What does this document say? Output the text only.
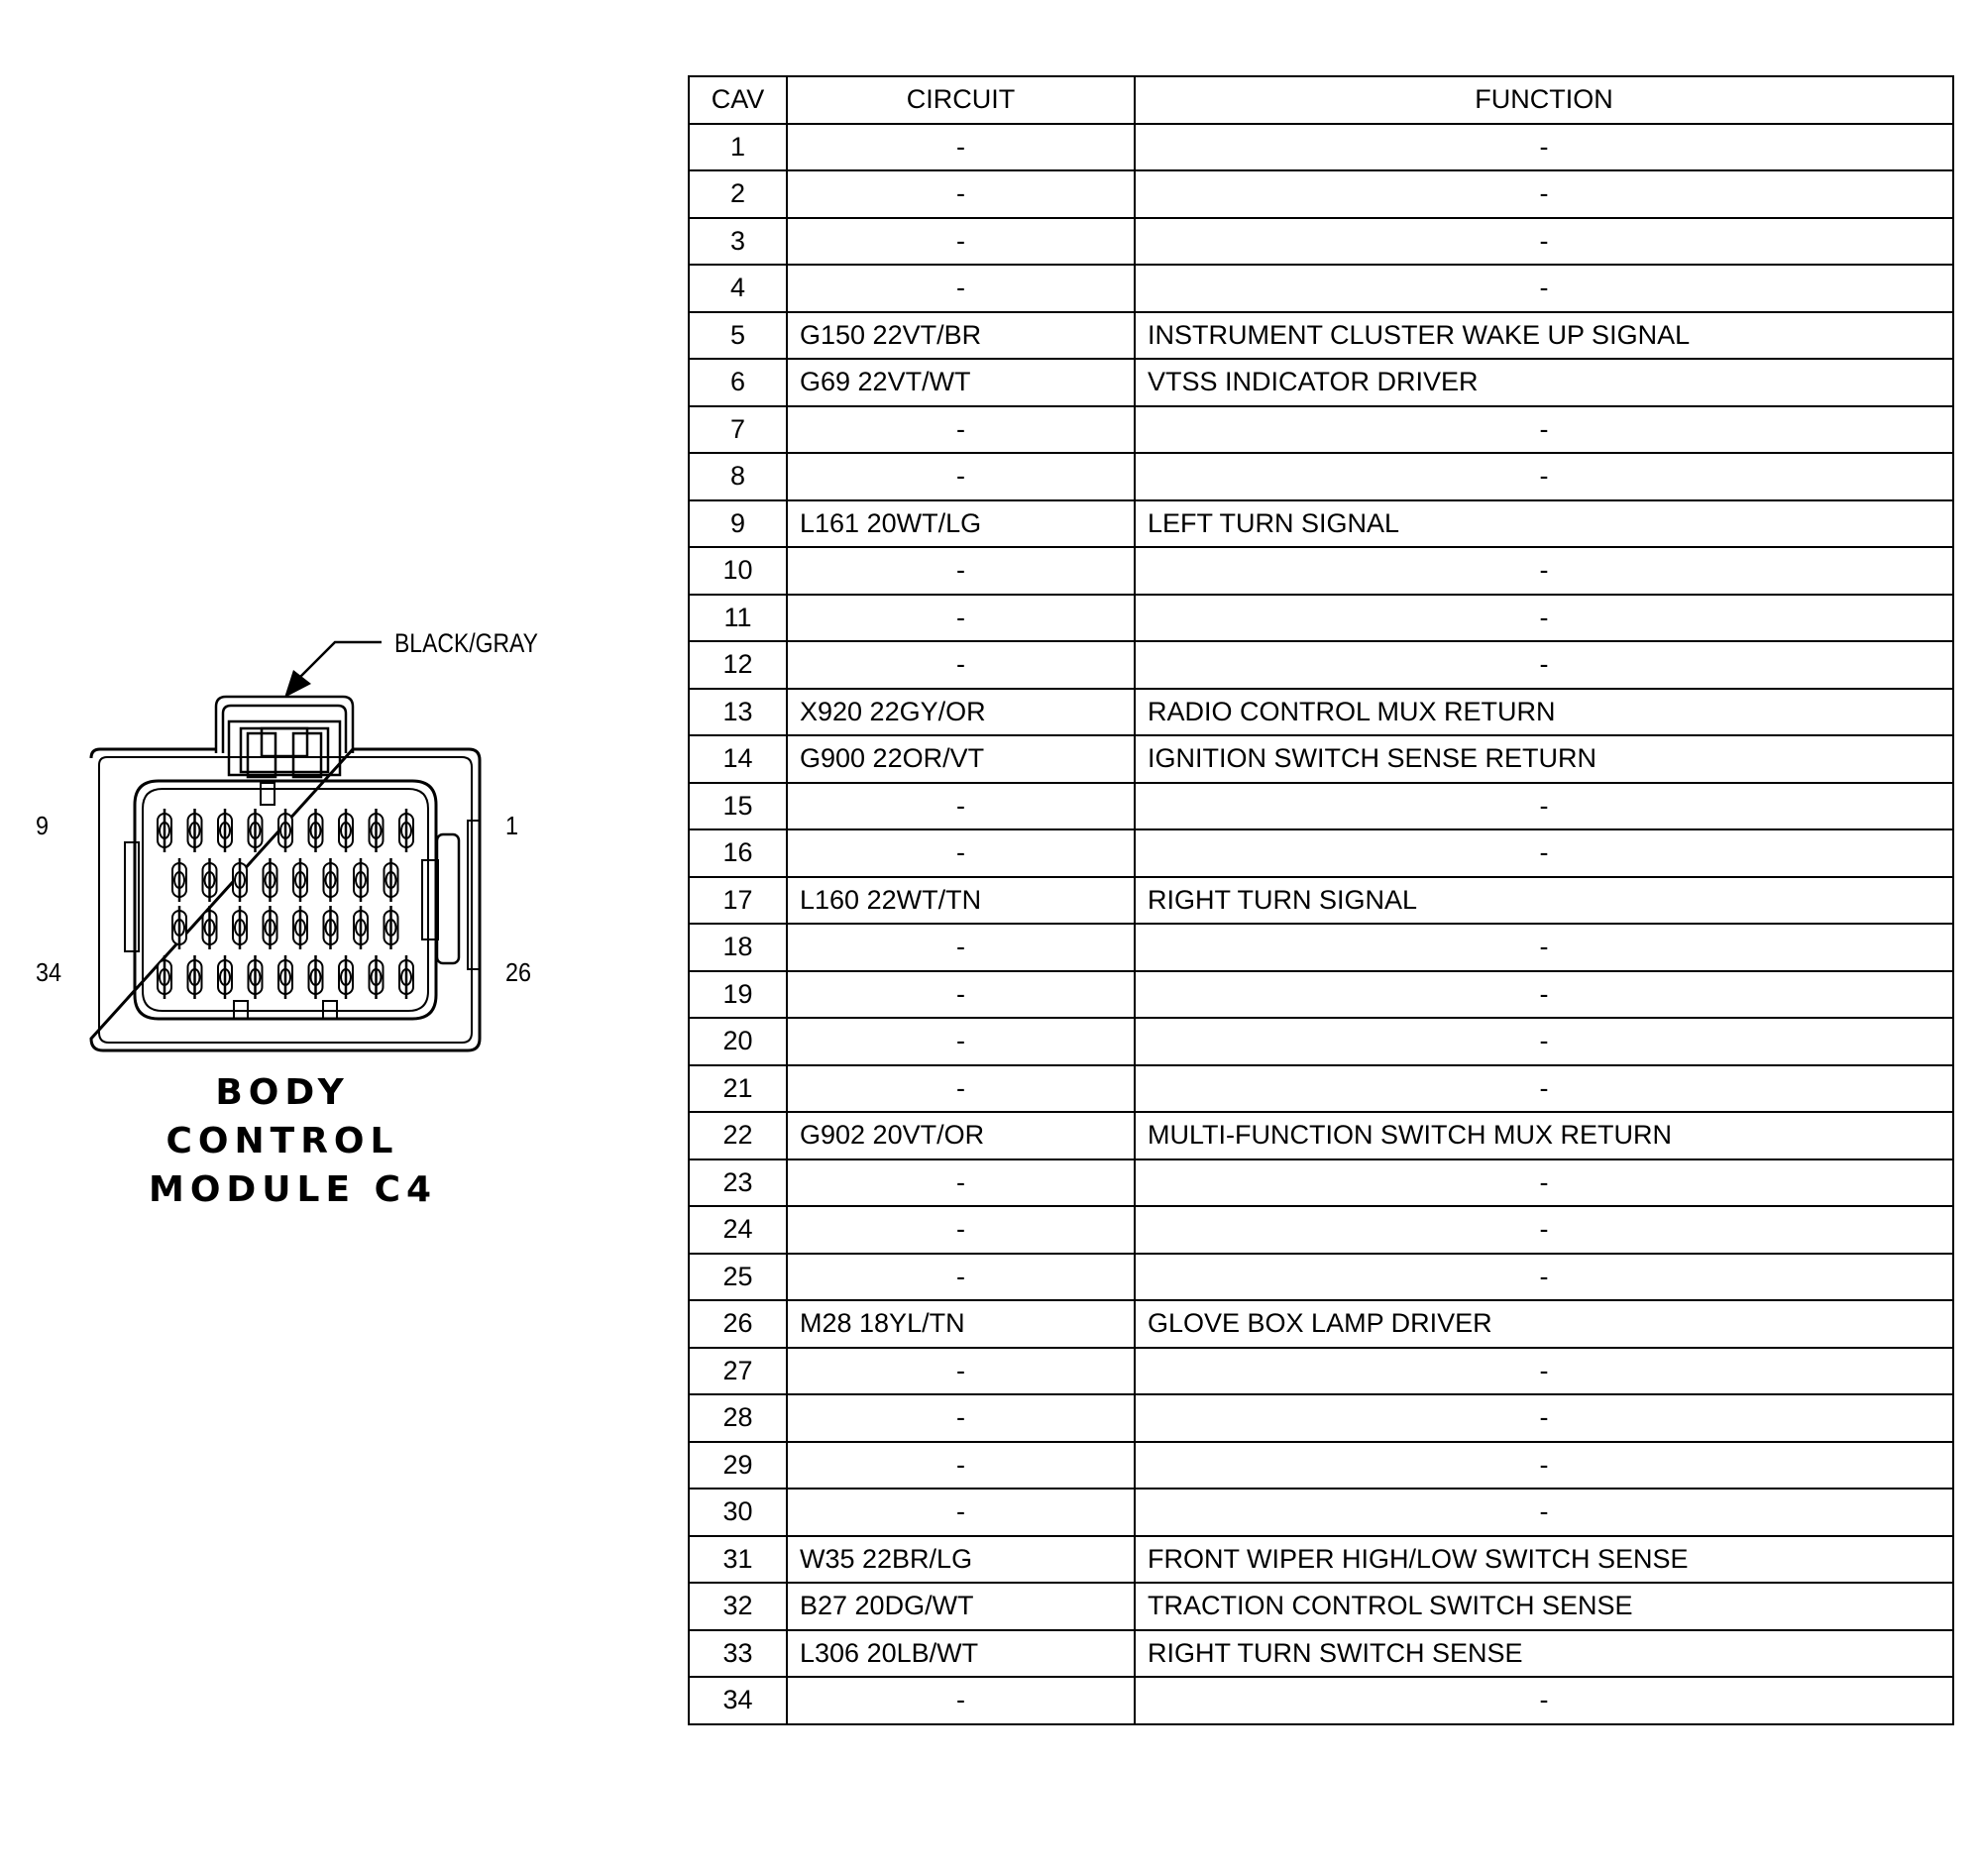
9	1
34	26
BLACK/GRAY
BODY
CONTROL
MODULE C4
CAV	CIRCUIT	FUNCTION
1	-	-
2	-	-
3	-	-
4	-	-
5	G150 22VT/BR	INSTRUMENT CLUSTER WAKE UP SIGNAL
6	G69 22VT/WT	VTSS INDICATOR DRIVER
7	-	-
8	-	-
9	L161 20WT/LG	LEFT TURN SIGNAL
10	-	-
11	-	-
12	-	-
13	X920 22GY/OR	RADIO CONTROL MUX RETURN
14	G900 22OR/VT	IGNITION SWITCH SENSE RETURN
15	-	-
16	-	-
17	L160 22WT/TN	RIGHT TURN SIGNAL
18	-	-
19	-	-
20	-	-
21	-	-
22	G902 20VT/OR	MULTI-FUNCTION SWITCH MUX RETURN
23	-	-
24	-	-
25	-	-
26	M28 18YL/TN	GLOVE BOX LAMP DRIVER
27	-	-
28	-	-
29	-	-
30	-	-
31	W35 22BR/LG	FRONT WIPER HIGH/LOW SWITCH SENSE
32	B27 20DG/WT	TRACTION CONTROL SWITCH SENSE
33	L306 20LB/WT	RIGHT TURN SWITCH SENSE
34	-	-
